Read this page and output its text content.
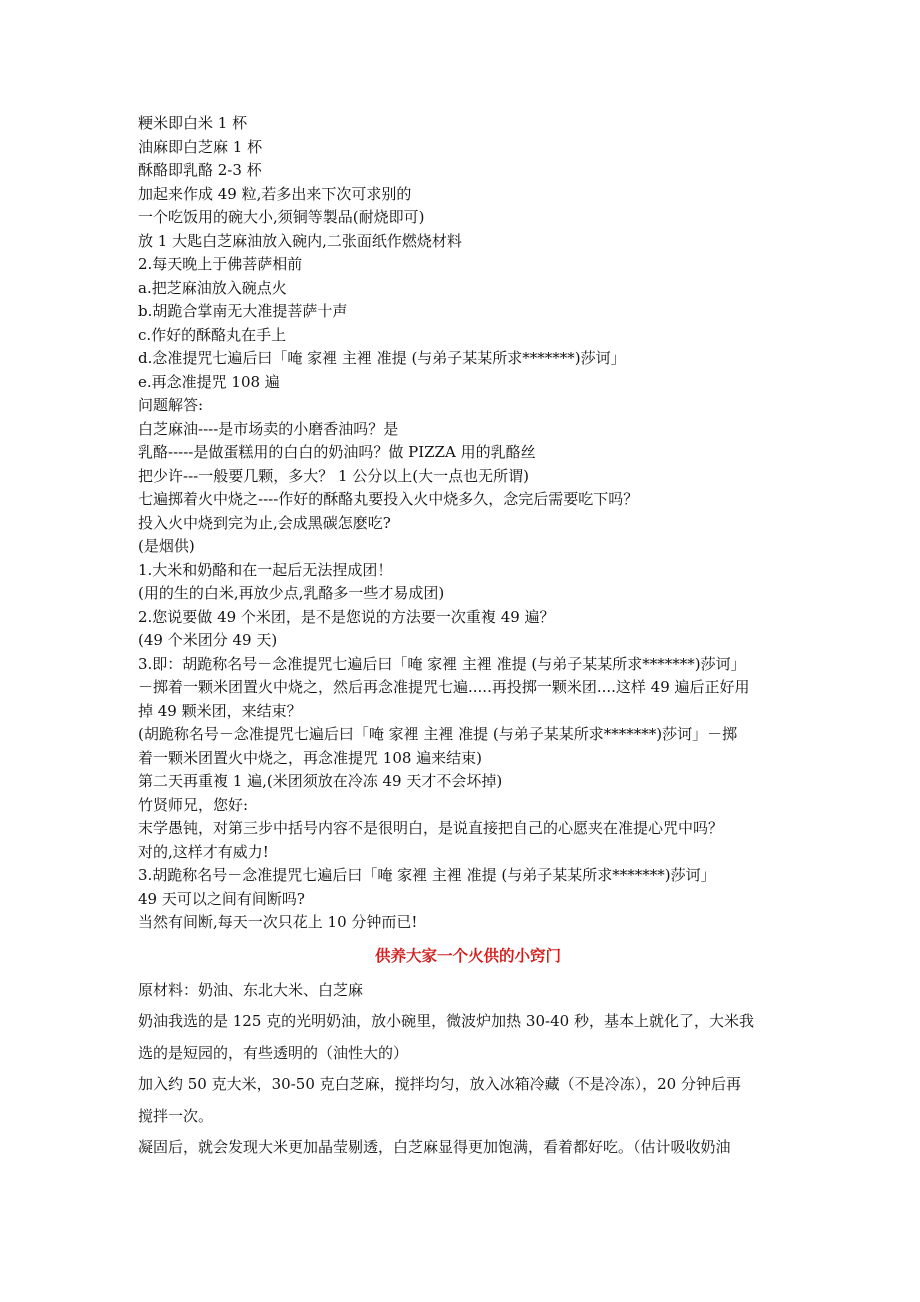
粳米即白米 1 杯
油麻即白芝麻 1 杯
酥酪即乳酪 2-3 杯
加起来作成 49 粒,若多出来下次可求别的
一个吃饭用的碗大小,须铜等製品(耐烧即可)
放 1 大匙白芝麻油放入碗内,二张面纸作燃烧材料
2.每天晚上于佛菩萨相前
a.把芝麻油放入碗点火
b.胡跪合掌南无大准提菩萨十声
c.作好的酥酪丸在手上
d.念准提咒七遍后曰「唵 家裡 主裡 准提 (与弟子某某所求*******)莎诃」
e.再念准提咒 108 遍
问题解答:
白芝麻油----是市场卖的小磨香油吗？是
乳酪-----是做蛋糕用的白白的奶油吗？做 PIZZA 用的乳酪丝
把少许---一般要几颗，多大？ 1 公分以上(大一点也无所谓)
七遍掷着火中烧之----作好的酥酪丸要投入火中烧多久，念完后需要吃下吗？
投入火中烧到完为止,会成黑碳怎麽吃?
(是烟供)
1.大米和奶酪和在一起后无法捏成团！
(用的生的白米,再放少点,乳酪多一些才易成团)
2.您说要做 49 个米团，是不是您说的方法要一次重複 49 遍？
(49 个米团分 49 天)
3.即：胡跪称名号－念准提咒七遍后曰「唵 家裡 主裡 准提 (与弟子某某所求*******)莎诃」
－掷着一颗米团置火中烧之，然后再念准提咒七遍.....再投掷一颗米团....这样 49 遍后正好用
掉 49 颗米团，来结束？
(胡跪称名号－念准提咒七遍后曰「唵 家裡 主裡 准提 (与弟子某某所求*******)莎诃」－掷
着一颗米团置火中烧之，再念准提咒 108 遍来结束)
第二天再重複 1 遍,(米团须放在冷冻 49 天才不会坏掉)
竹贤师兄，您好:
末学愚钝，对第三步中括号内容不是很明白，是说直接把自己的心愿夹在准提心咒中吗？
对的,这样才有威力!
3.胡跪称名号－念准提咒七遍后曰「唵 家裡 主裡 准提 (与弟子某某所求*******)莎诃」
49 天可以之间有间断吗?
当然有间断,每天一次只花上 10 分钟而已!
供养大家一个火供的小窍门
原材料：奶油、东北大米、白芝麻
奶油我选的是 125 克的光明奶油，放小碗里，微波炉加热 30-40 秒，基本上就化了，大米我
选的是短园的，有些透明的（油性大的）
加入约 50 克大米，30-50 克白芝麻，搅拌均匀，放入冰箱冷藏（不是冷冻），20 分钟后再
搅拌一次。
凝固后，就会发现大米更加晶莹剔透，白芝麻显得更加饱满，看着都好吃。（估计吸收奶油
